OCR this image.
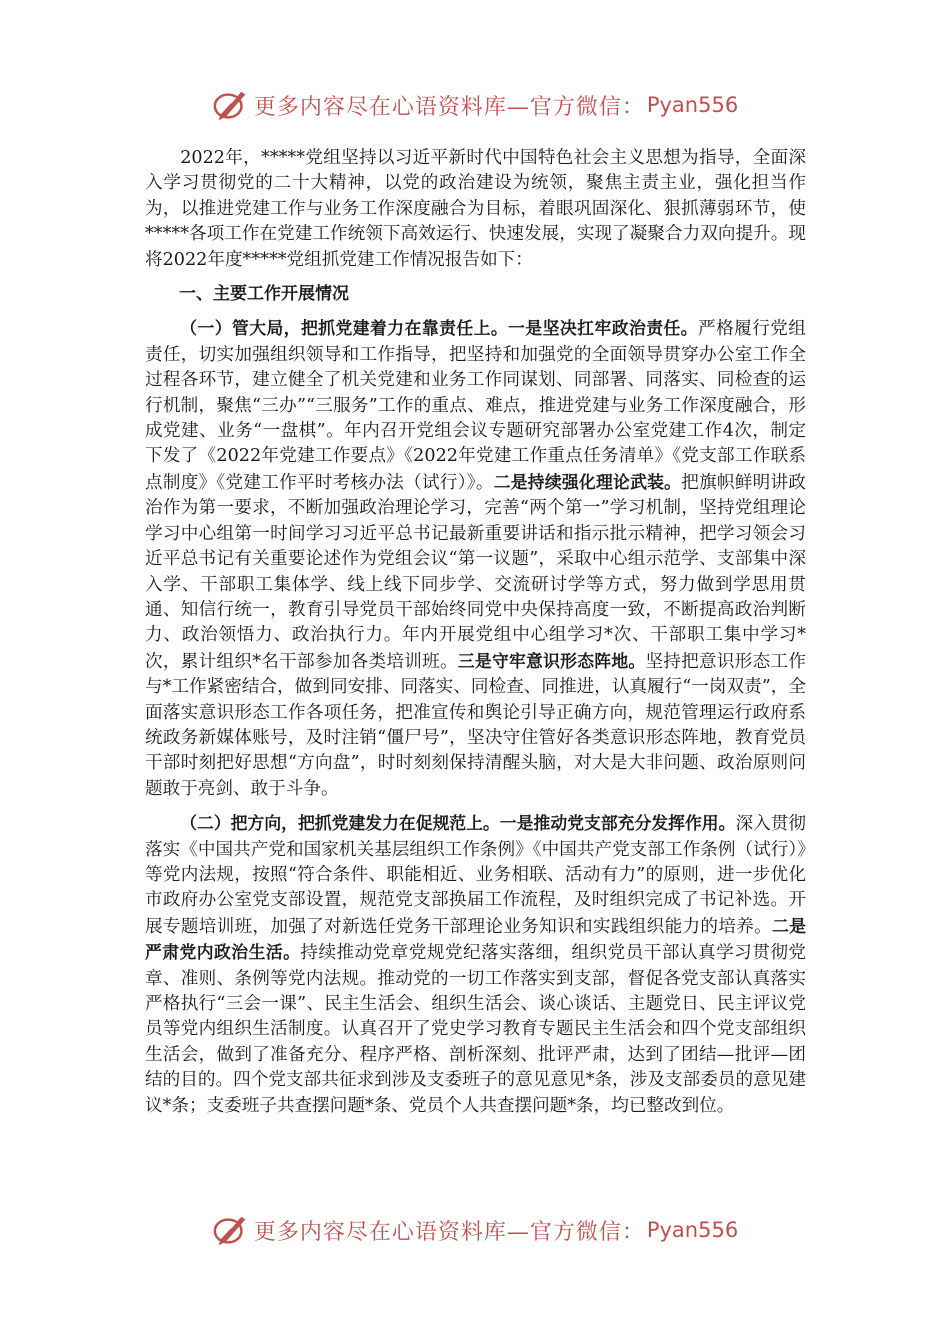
更多内容尽在心语资料库—官方微信： Pyan556

2022年，*****党组坚持以习近平新时代中国特色社会主义思想为指导，全面深入学习贯彻党的二十大精神，以党的政治建设为统领，聚焦主责主业，强化担当作为，以推进党建工作与业务工作深度融合为目标，着眼巩固深化、狠抓薄弱环节，使*****各项工作在党建工作统领下高效运行、快速发展，实现了凝聚合力双向提升。现将2022年度*****党组抓党建工作情况报告如下：

一、主要工作开展情况

（一）管大局，把抓党建着力在靠责任上。一是坚决扛牢政治责任。严格履行党组责任，切实加强组织领导和工作指导，把坚持和加强党的全面领导贯穿办公室工作全过程各环节，建立健全了机关党建和业务工作同谋划、同部署、同落实、同检查的运行机制，聚焦“三办”“三服务”工作的重点、难点，推进党建与业务工作深度融合，形成党建、业务“一盘棋”。年内召开党组会议专题研究部署办公室党建工作4次，制定下发了《2022年党建工作要点》《2022年党建工作重点任务清单》《党支部工作联系点制度》《党建工作平时考核办法（试行）》。二是持续强化理论武装。把旗帜鲜明讲政治作为第一要求，不断加强政治理论学习，完善“两个第一”学习机制，坚持党组理论学习中心组第一时间学习习近平总书记最新重要讲话和指示批示精神，把学习领会习近平总书记有关重要论述作为党组会议“第一议题”，采取中心组示范学、支部集中深入学、干部职工集体学、线上线下同步学、交流研讨学等方式，努力做到学思用贯通、知信行统一，教育引导党员干部始终同党中央保持高度一致，不断提高政治判断力、政治领悟力、政治执行力。年内开展党组中心组学习*次、干部职工集中学习*次，累计组织*名干部参加各类培训班。三是守牢意识形态阵地。坚持把意识形态工作与*工作紧密结合，做到同安排、同落实、同检查、同推进，认真履行“一岗双责”，全面落实意识形态工作各项任务，把准宣传和舆论引导正确方向，规范管理运行政府系统政务新媒体账号，及时注销“僵尸号”，坚决守住管好各类意识形态阵地，教育党员干部时刻把好思想“方向盘”，时时刻刻保持清醒头脑，对大是大非问题、政治原则问题敢于亮剑、敢于斗争。

（二）把方向，把抓党建发力在促规范上。一是推动党支部充分发挥作用。深入贯彻落实《中国共产党和国家机关基层组织工作条例》《中国共产党支部工作条例（试行）》等党内法规，按照“符合条件、职能相近、业务相联、活动有力”的原则，进一步优化市政府办公室党支部设置，规范党支部换届工作流程，及时组织完成了书记补选。开展专题培训班，加强了对新选任党务干部理论业务知识和实践组织能力的培养。二是严肃党内政治生活。持续推动党章党规党纪落实落细，组织党员干部认真学习贯彻党章、准则、条例等党内法规。推动党的一切工作落实到支部，督促各党支部认真落实严格执行“三会一课”、民主生活会、组织生活会、谈心谈话、主题党日、民主评议党员等党内组织生活制度。认真召开了党史学习教育专题民主生活会和四个党支部组织生活会，做到了准备充分、程序严格、剖析深刻、批评严肃，达到了团结—批评—团结的目的。四个党支部共征求到涉及支委班子的意见意见*条，涉及支部委员的意见建议*条；支委班子共查摆问题*条、党员个人共查摆问题*条，均已整改到位。

更多内容尽在心语资料库—官方微信： Pyan556
